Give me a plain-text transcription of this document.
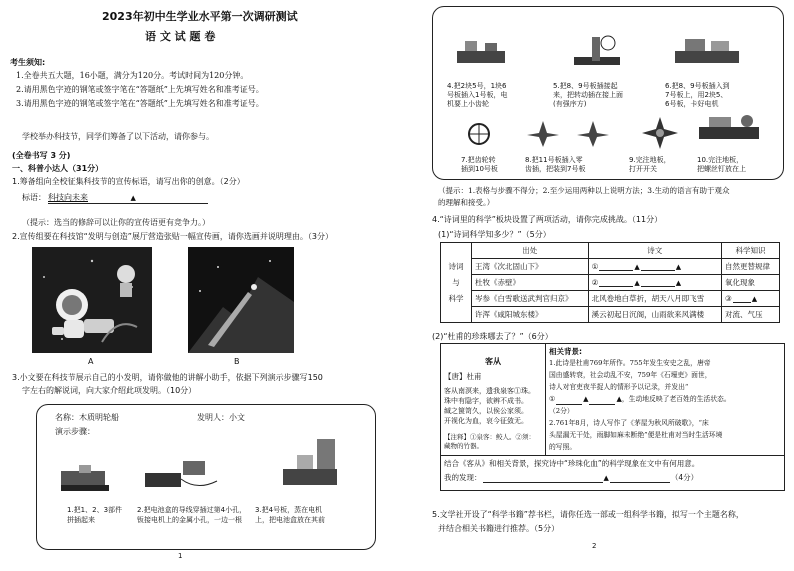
2023年初中生学业水平第一次调研测试
语 文 试 题 卷
考生须知:
1.全卷共五大题，16小题，满分为120分。考试时间为120分钟。
2.请用黑色字迹的钢笔或签字笔在“答题纸”上先填写姓名和准考证号。
3.请用黑色字迹的钢笔或签字笔在“答题纸”上先填写姓名和准考证号。
学校举办科技节，同学们筹备了以下活动，请你参与。
(全卷书写 3 分)
一、科普小达人（31分）
1.筹备组向全校征集科技节的宣传标语，请写出你的创意。（2分）
标语： 科技向未来	▲
（提示：选当的修辞可以让你的宣传语更有竞争力。）
2.宣传组要在科技馆“发明与创造”展厅营造张贴一幅宣传画，请你选画并说明理由。（3分）
A	B
3.小文要在科技节展示自己的小发明，请你做他的讲解小助手，依据下列演示步骤写150
字左右的解说词，向大家介绍此项发明。（10分）
名称：木质明轮船	发明人：小文
演示步骤：
1.把1、2、3部件
拼插起来
2.把电池盒的导线穿插过第4小孔，
钣接电机上的金属小孔，一边一根
3.把4号板，蒸在电机
上，把电池盒放在其前
1
4.把2块5号，1块6
号板插入1号板，电
机要上小齿轮
5.把8、9号板插接起
来，把转动插在接上面
(有强序方)
6.把8、9号板插入到
7号板上，用2块5、
6号板，卡好电机
7.把齿轮转
插到10号板
8.把11号板插入零
齿插，把装到7号板
9.完注地板，
打开开关
10.完注地板，
把螺丝钉放在上
（提示：1.表格与步骤不得分；2.至少运用两种以上说明方法；3.生动的语言有助于观众
的理解和接受。）
4.“诗词里的科学”板块设置了两项活动，请你完成挑战。（11分）
(1)“诗词科学知多少？”（5分）
诗词
与
科学	出处	诗文	科学知识
	王湾《次北固山下》	① ▲ ▲	自然更替规律
	杜牧《赤壁》	② ▲ ▲	氧化现象
	岑参《白雪歌送武判官归京》	北风卷地白草折，胡天八月即飞雪	③ ▲
	许浑《咸阳城东楼》	溪云初起日沉阁，山雨欲来风满楼	对流、气压
(2)“杜甫的珍珠哪去了？”（6分）
客从
【唐】杜甫
客从南溟来，遗我泉客①珠。
珠中有隐字，欲辨不成书。
缄之箧笥久，以俟公家须。
开视化为血，哀今征敛无。
【注释】①泉客：鲛人。②须：
藏物的竹器。

相关背景:
1.此诗是杜甫769年所作。755年发生安史之乱，唐帝
国由盛转衰，社会动乱不安，759年《石壕吏》面世，
诗人对官吏夜半捉人的情形予以记录，并发出“
①	▲	▲，生动地反映了老百姓的生活状态。
（2分）
2.761年8月，诗人写作了《茅屋为秋风所破歌》，“床
头屋漏无干处，雨脚如麻未断绝”便是杜甫对当时生活环境
的写照。

结合《客从》和相关背景，探究诗中“珍珠化血”的科学现象在文中有何用意。
我的发现：	▲	（4分）
5.文学社开设了“科学书籍”荐书栏，请你任选一部或一组科学书籍，拟写一个主题名称，
并结合相关书籍进行推荐。（5分）
2
